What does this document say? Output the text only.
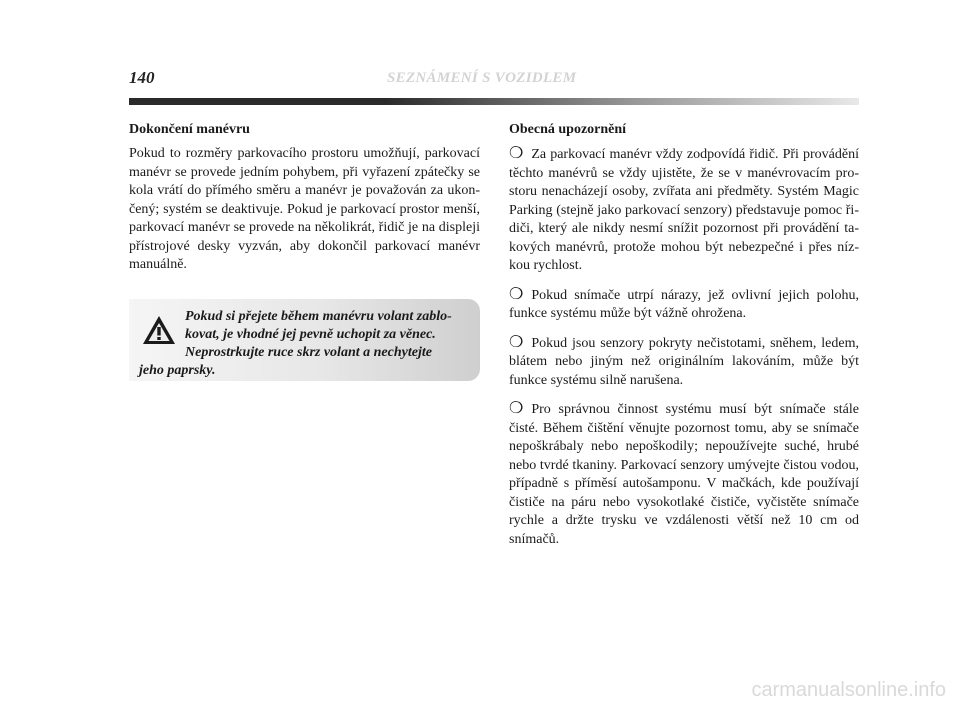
140	SEZNÁMENÍ S VOZIDLEM
Dokončení manévru

Pokud to rozměry parkovacího prostoru umožňují, parkovací manévr se provede jedním pohybem, při vyřazení zpátečky se kola vrátí do přímého směru a manévr je považován za ukončený; systém se deaktivuje. Pokud je parkovací prostor menší, parkovací manévr se provede na několikrát, řidič je na displeji přístrojové desky vyzván, aby dokončil parkovací manévr manuálně.

Pokud si přejete během manévru volant zablo-
kovat, je vhodné jej pevně uchopit za věnec.
Neprostrkujte ruce skrz volant a nechytejte
jeho paprsky.
Obecná upozornění

❍ Za parkovací manévr vždy zodpovídá řidič. Při provádění těchto manévrů se vždy ujistěte, že se v manévrovacím prostoru nenacházejí osoby, zvířata ani předměty. Systém Magic Parking (stejně jako parkovací senzory) představuje pomoc řidiči, který ale nikdy nesmí snížit pozornost při provádění takových manévrů, protože mohou být nebezpečné i přes nízkou rychlost.

❍ Pokud snímače utrpí nárazy, jež ovlivní jejich polohu, funkce systému může být vážně ohrožena.

❍ Pokud jsou senzory pokryty nečistotami, sněhem, ledem, blátem nebo jiným než originálním lakováním, může být funkce systému silně narušena.

❍ Pro správnou činnost systému musí být snímače stále čisté. Během čištění věnujte pozornost tomu, aby se snímače nepoškrábaly nebo nepoškodily; nepoužívejte suché, hrubé nebo tvrdé tkaniny. Parkovací senzory umývejte čistou vodou, případně s příměsí autošamponu. V mačkách, kde používají čističe na páru nebo vysokotlaké čističe, vyčistěte snímače rychle a držte trysku ve vzdálenosti větší než 10 cm od snímačů.

carmanualsonline.info
